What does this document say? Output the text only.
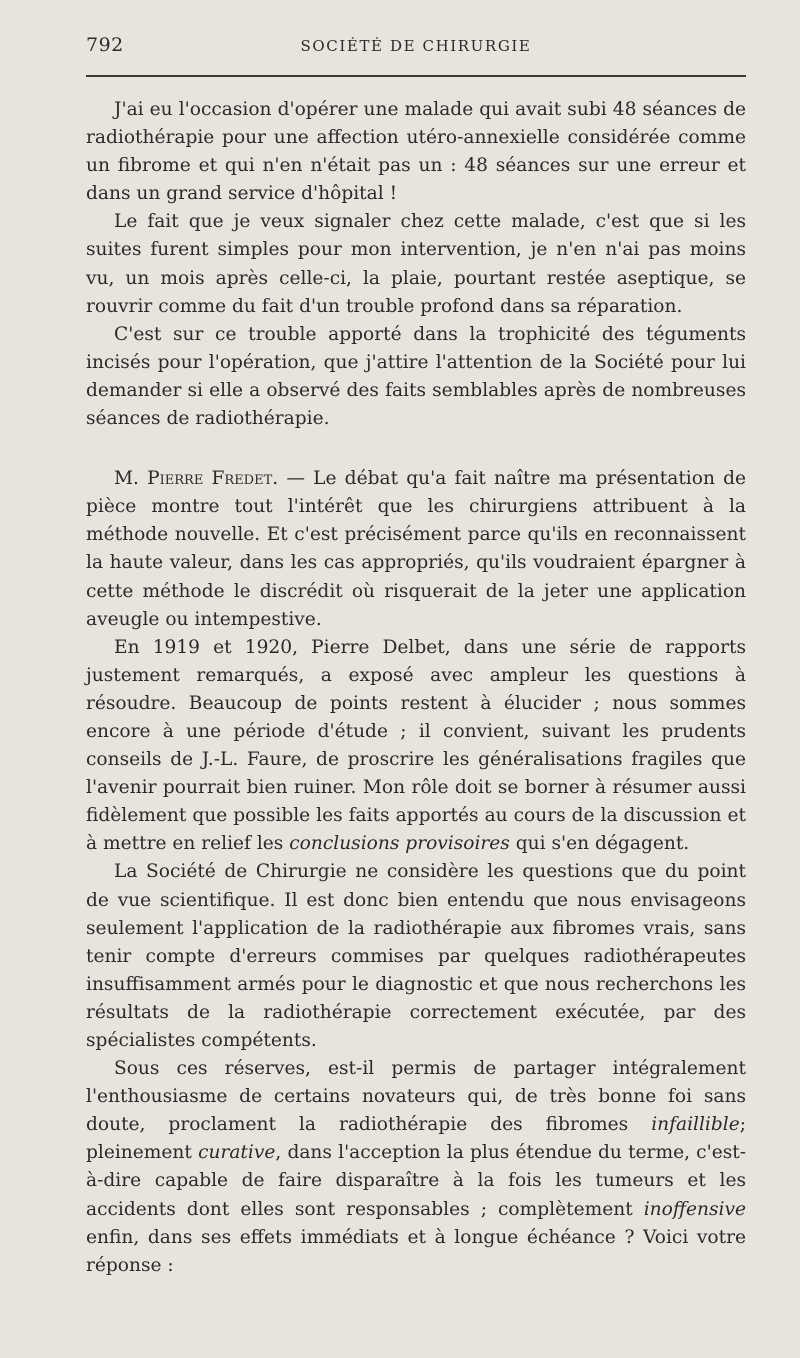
792	SOCIÉTÉ DE CHIRURGIE

J'ai eu l'occasion d'opérer une malade qui avait subi 48 séances de radiothérapie pour une affection utéro-annexielle considérée comme un fibrome et qui n'en n'était pas un : 48 séances sur une erreur et dans un grand service d'hôpital !

Le fait que je veux signaler chez cette malade, c'est que si les suites furent simples pour mon intervention, je n'en n'ai pas moins vu, un mois après celle-ci, la plaie, pourtant restée aseptique, se rouvrir comme du fait d'un trouble profond dans sa réparation.

C'est sur ce trouble apporté dans la trophicité des téguments incisés pour l'opération, que j'attire l'attention de la Société pour lui demander si elle a observé des faits semblables après de nombreuses séances de radiothérapie.

M. Pierre Fredet. — Le débat qu'a fait naître ma présentation de pièce montre tout l'intérêt que les chirurgiens attribuent à la méthode nouvelle. Et c'est précisément parce qu'ils en reconnaissent la haute valeur, dans les cas appropriés, qu'ils voudraient épargner à cette méthode le discrédit où risquerait de la jeter une application aveugle ou intempestive.

En 1919 et 1920, Pierre Delbet, dans une série de rapports justement remarqués, a exposé avec ampleur les questions à résoudre. Beaucoup de points restent à élucider ; nous sommes encore à une période d'étude ; il convient, suivant les prudents conseils de J.-L. Faure, de proscrire les généralisations fragiles que l'avenir pourrait bien ruiner. Mon rôle doit se borner à résumer aussi fidèlement que possible les faits apportés au cours de la discussion et à mettre en relief les conclusions provisoires qui s'en dégagent.

La Société de Chirurgie ne considère les questions que du point de vue scientifique. Il est donc bien entendu que nous envisageons seulement l'application de la radiothérapie aux fibromes vrais, sans tenir compte d'erreurs commises par quelques radiothérapeutes insuffisamment armés pour le diagnostic et que nous recherchons les résultats de la radiothérapie correctement exécutée, par des spécialistes compétents.

Sous ces réserves, est-il permis de partager intégralement l'enthousiasme de certains novateurs qui, de très bonne foi sans doute, proclament la radiothérapie des fibromes infaillible; pleinement curative, dans l'acception la plus étendue du terme, c'est-à-dire capable de faire disparaître à la fois les tumeurs et les accidents dont elles sont responsables ; complètement inoffensive enfin, dans ses effets immédiats et à longue échéance ? Voici votre réponse :
